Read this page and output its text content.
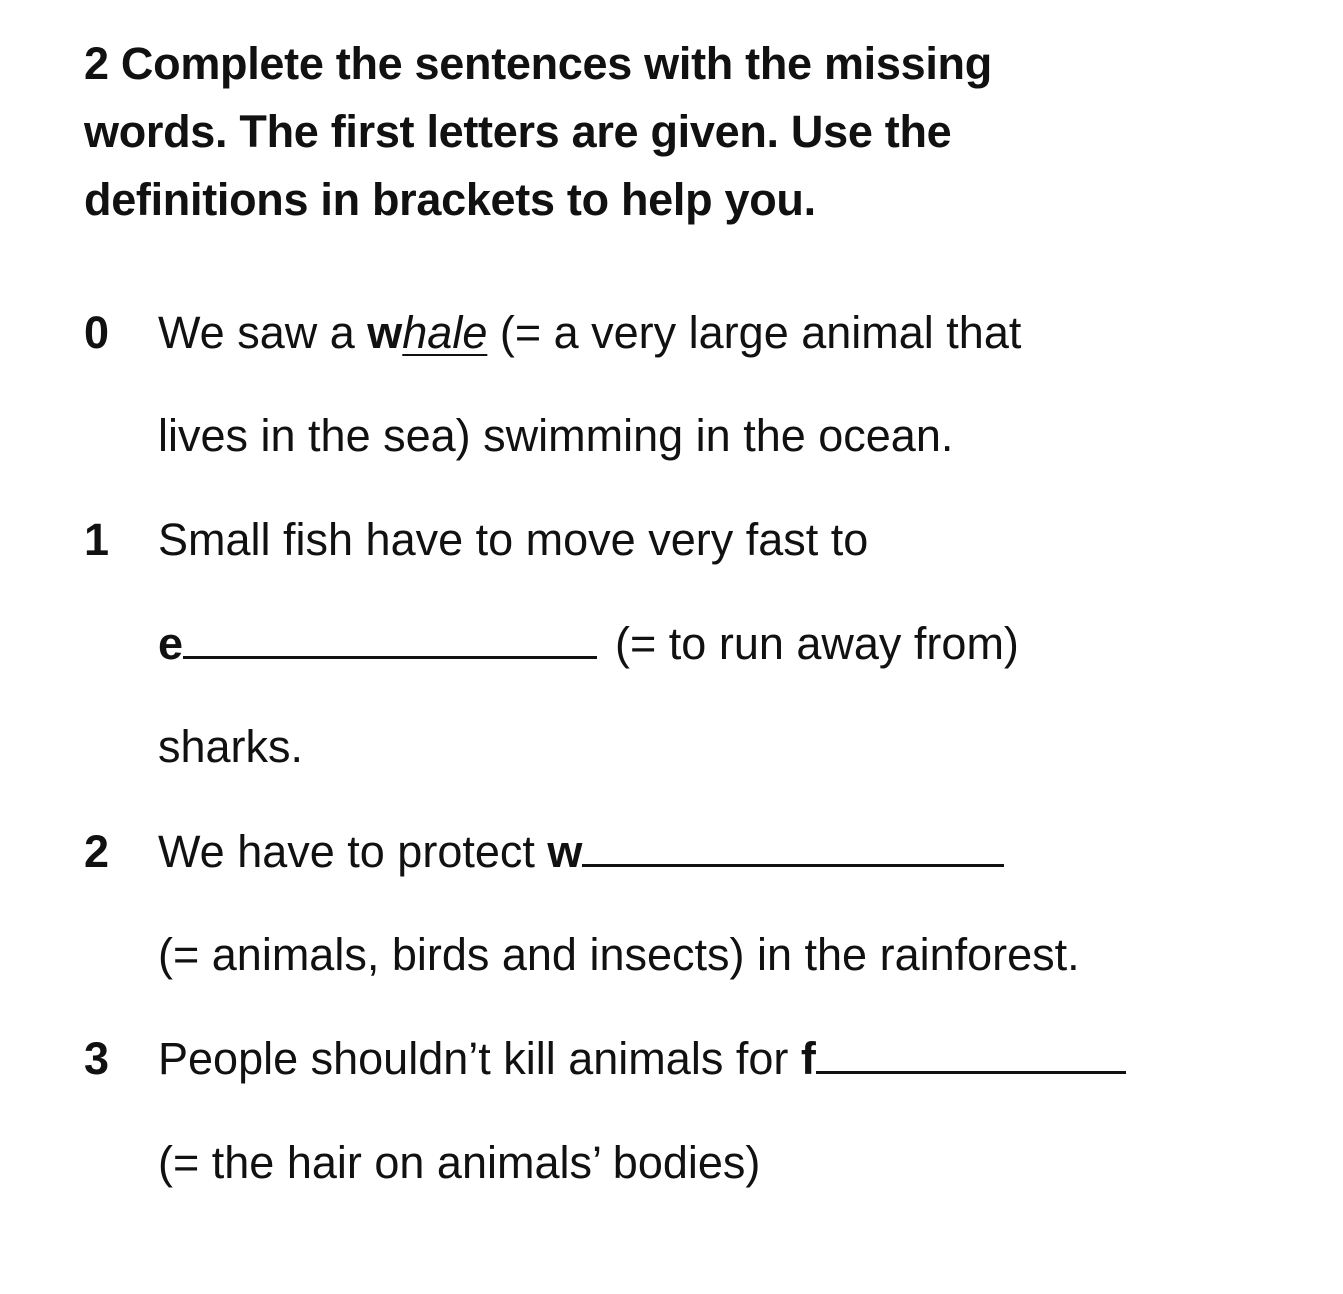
2 Complete the sentences with the missing
words. The first letters are given. Use the
definitions in brackets to help you.
0 We saw a whale (= a very large animal that
lives in the sea) swimming in the ocean.
1 Small fish have to move very fast to
e	(= to run away from)
sharks.
2 We have to protect w
(= animals, birds and insects) in the rainforest.
3 People shouldn’t kill animals for f
(= the hair on animals’ bodies)
